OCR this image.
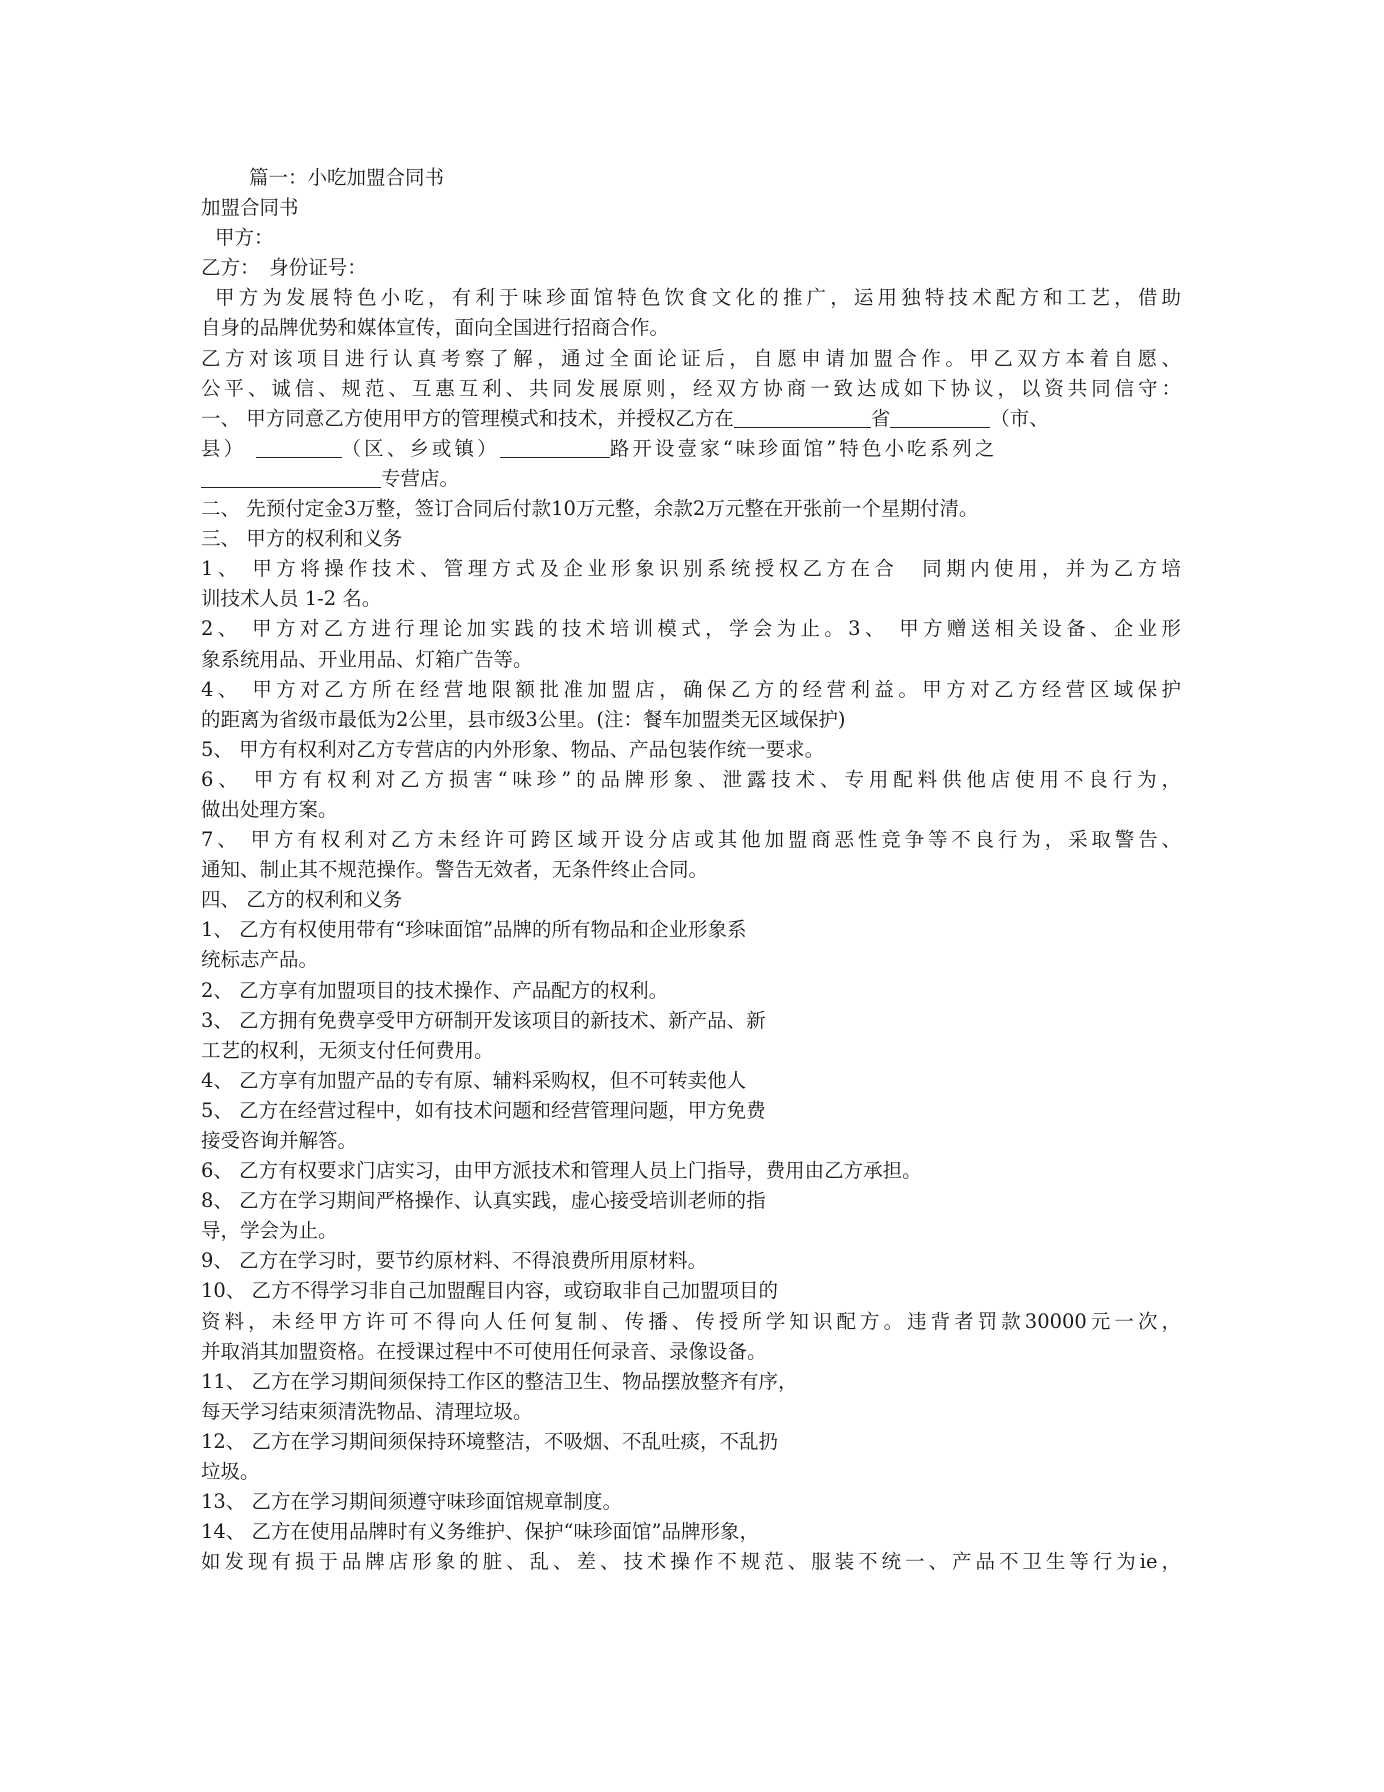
篇一：小吃加盟合同书
加盟合同书
甲方：
乙方：　身份证号：
甲方为发展特色小吃，有利于味珍面馆特色饮食文化的推广，运用独特技术配方和工艺，借助
自身的品牌优势和媒体宣传，面向全国进行招商合作。
乙方对该项目进行认真考察了解，通过全面论证后，自愿申请加盟合作。甲乙双方本着自愿、
公平、诚信、规范、互惠互利、共同发展原则，经双方协商一致达成如下协议，以资共同信守：
一、 甲方同意乙方使用甲方的管理模式和技术，并授权乙方在	省	（市、
县）	（区、乡或镇）	路开设壹家“味珍面馆”特色小吃系列之
专营店。
二、 先预付定金3万整，签订合同后付款10万元整，余款2万元整在开张前一个星期付清。
三、 甲方的权利和义务
1、 甲方将操作技术、管理方式及企业形象识别系统授权乙方在合　同期内使用，并为乙方培
训技术人员 1-2 名。
2、 甲方对乙方进行理论加实践的技术培训模式，学会为止。3、 甲方赠送相关设备、企业形
象系统用品、开业用品、灯箱广告等。
4、 甲方对乙方所在经营地限额批准加盟店，确保乙方的经营利益。甲方对乙方经营区域保护
的距离为省级市最低为2公里，县市级3公里。(注：餐车加盟类无区域保护)
5、 甲方有权利对乙方专营店的内外形象、物品、产品包装作统一要求。
6、 甲方有权利对乙方损害“味珍”的品牌形象、泄露技术、专用配料供他店使用不良行为，
做出处理方案。
7、 甲方有权利对乙方未经许可跨区域开设分店或其他加盟商恶性竞争等不良行为，采取警告、
通知、制止其不规范操作。警告无效者，无条件终止合同。
四、 乙方的权利和义务
1、 乙方有权使用带有“珍味面馆”品牌的所有物品和企业形象系
统标志产品。
2、 乙方享有加盟项目的技术操作、产品配方的权利。
3、 乙方拥有免费享受甲方研制开发该项目的新技术、新产品、新
工艺的权利，无须支付任何费用。
4、 乙方享有加盟产品的专有原、辅料采购权，但不可转卖他人
5、 乙方在经营过程中，如有技术问题和经营管理问题，甲方免费
接受咨询并解答。
6、 乙方有权要求门店实习，由甲方派技术和管理人员上门指导，费用由乙方承担。
8、 乙方在学习期间严格操作、认真实践，虚心接受培训老师的指
导，学会为止。
9、 乙方在学习时，要节约原材料、不得浪费所用原材料。
10、 乙方不得学习非自己加盟醒目内容，或窃取非自己加盟项目的
资料，未经甲方许可不得向人任何复制、传播、传授所学知识配方。违背者罚款30000元一次，
并取消其加盟资格。在授课过程中不可使用任何录音、录像设备。
11、 乙方在学习期间须保持工作区的整洁卫生、物品摆放整齐有序，
每天学习结束须清洗物品、清理垃圾。
12、 乙方在学习期间须保持环境整洁，不吸烟、不乱吐痰，不乱扔
垃圾。
13、 乙方在学习期间须遵守味珍面馆规章制度。
14、 乙方在使用品牌时有义务维护、保护“味珍面馆”品牌形象，
如发现有损于品牌店形象的脏、乱、差、技术操作不规范、服装不统一、产品不卫生等行为ie，
